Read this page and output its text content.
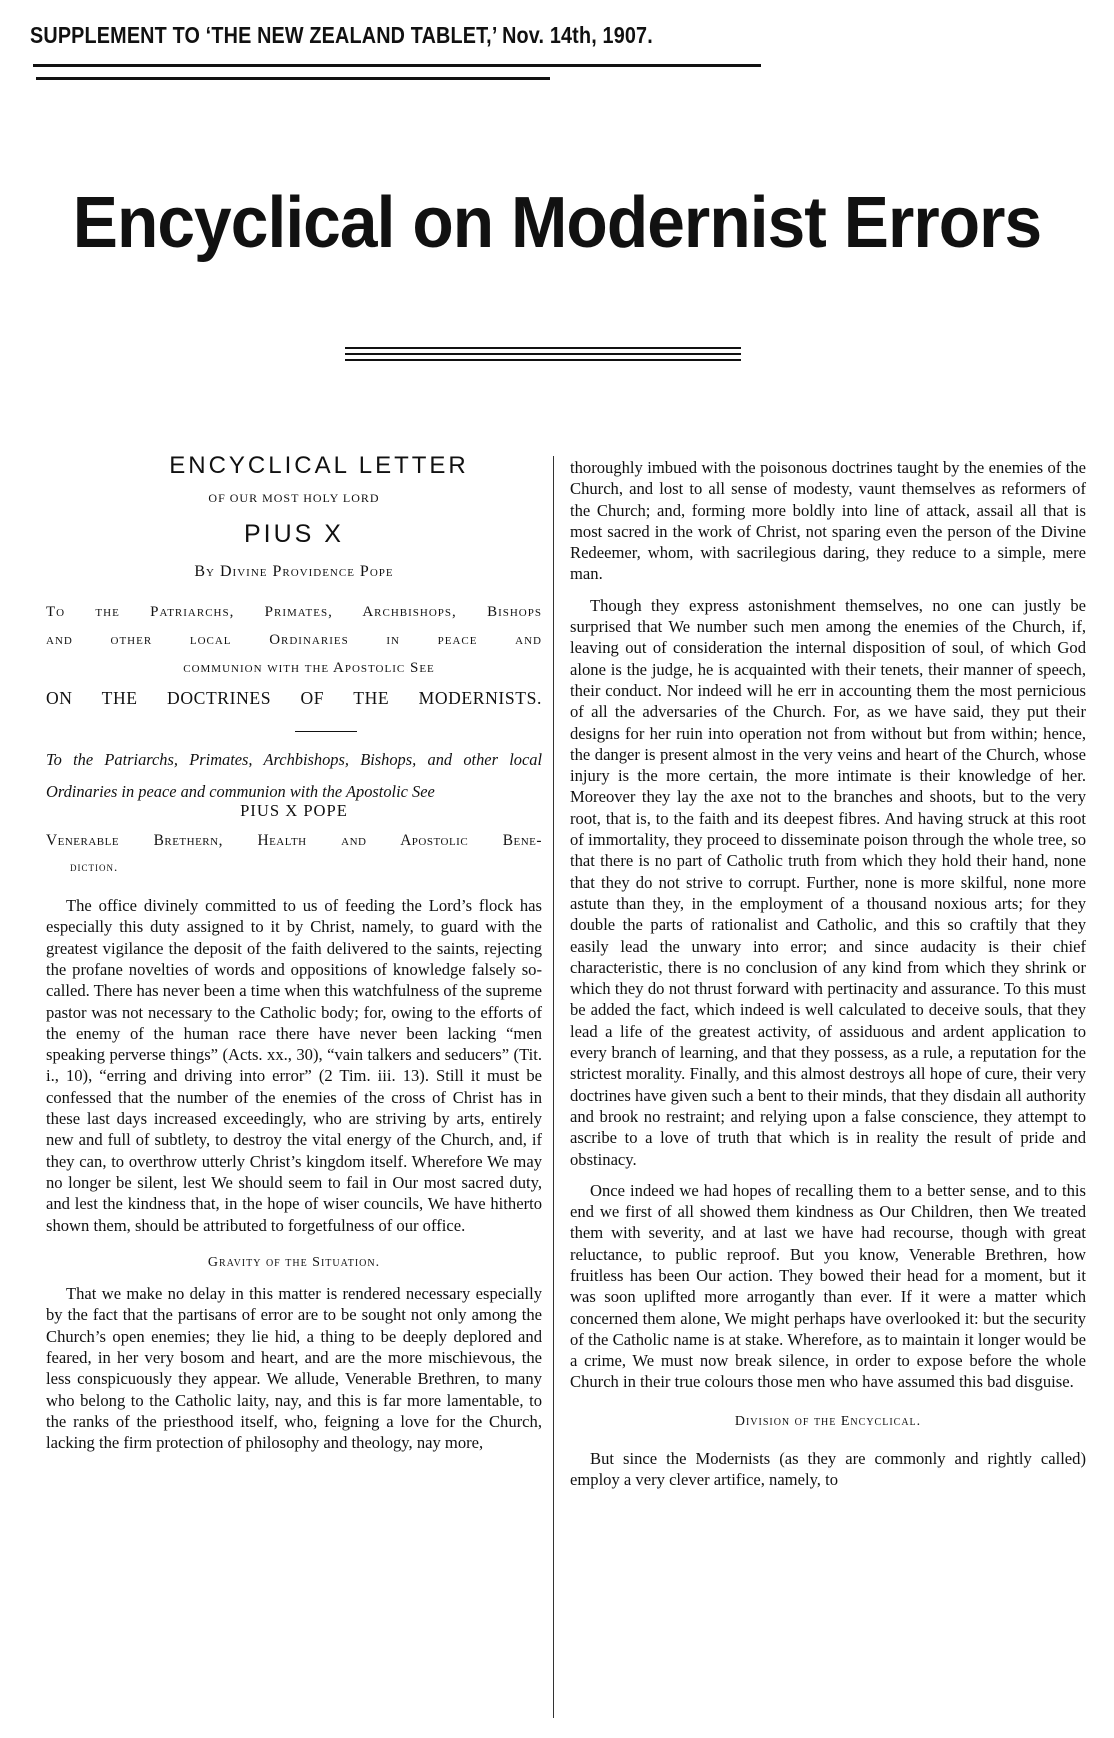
SUPPLEMENT TO ‘THE NEW ZEALAND TABLET,’ Nov. 14th, 1907.
Encyclical on Modernist Errors
ENCYCLICAL LETTER
OF OUR MOST HOLY LORD
PIUS X
By Divine Providence Pope
To the Patriarchs, Primates, Archbishops, Bishops
and other local Ordinaries in peace and
communion with the Apostolic See
ON THE DOCTRINES OF THE MODERNISTS.
To the Patriarchs, Primates, Archbishops, Bishops, and other local Ordinaries in peace and communion with the Apostolic See
PIUS X POPE
Venerable Brethern, Health and Apostolic Bene-
diction.

The office divinely committed to us of feeding the Lord’s flock has especially this duty assigned to it by Christ, namely, to guard with the greatest vigilance the deposit of the faith delivered to the saints, rejecting the profane novelties of words and oppositions of knowledge falsely so-called. There has never been a time when this watchfulness of the supreme pastor was not necessary to the Catholic body; for, owing to the efforts of the enemy of the human race there have never been lacking “men speaking perverse things” (Acts. xx., 30), “vain talkers and seducers” (Tit. i., 10), “erring and driving into error” (2 Tim. iii. 13). Still it must be confessed that the number of the enemies of the cross of Christ has in these last days increased exceedingly, who are striving by arts, entirely new and full of subtlety, to destroy the vital energy of the Church, and, if they can, to overthrow utterly Christ’s kingdom itself. Wherefore We may no longer be silent, lest We should seem to fail in Our most sacred duty, and lest the kindness that, in the hope of wiser councils, We have hitherto shown them, should be attributed to forgetfulness of our office.

Gravity of the Situation.

That we make no delay in this matter is rendered necessary especially by the fact that the partisans of error are to be sought not only among the Church’s open enemies; they lie hid, a thing to be deeply deplored and feared, in her very bosom and heart, and are the more mischievous, the less conspicuously they appear. We allude, Venerable Brethren, to many who belong to the Catholic laity, nay, and this is far more lamentable, to the ranks of the priesthood itself, who, feigning a love for the Church, lacking the firm protection of philosophy and theology, nay more,

thoroughly imbued with the poisonous doctrines taught by the enemies of the Church, and lost to all sense of modesty, vaunt themselves as reformers of the Church; and, forming more boldly into line of attack, assail all that is most sacred in the work of Christ, not sparing even the person of the Divine Redeemer, whom, with sacrilegious daring, they reduce to a simple, mere man.

Though they express astonishment themselves, no one can justly be surprised that We number such men among the enemies of the Church, if, leaving out of consideration the internal disposition of soul, of which God alone is the judge, he is acquainted with their tenets, their manner of speech, their conduct. Nor indeed will he err in accounting them the most pernicious of all the adversaries of the Church. For, as we have said, they put their designs for her ruin into operation not from without but from within; hence, the danger is present almost in the very veins and heart of the Church, whose injury is the more certain, the more intimate is their knowledge of her. Moreover they lay the axe not to the branches and shoots, but to the very root, that is, to the faith and its deepest fibres. And having struck at this root of immortality, they proceed to disseminate poison through the whole tree, so that there is no part of Catholic truth from which they hold their hand, none that they do not strive to corrupt. Further, none is more skilful, none more astute than they, in the employment of a thousand noxious arts; for they double the parts of rationalist and Catholic, and this so craftily that they easily lead the unwary into error; and since audacity is their chief characteristic, there is no conclusion of any kind from which they shrink or which they do not thrust forward with pertinacity and assurance. To this must be added the fact, which indeed is well calculated to deceive souls, that they lead a life of the greatest activity, of assiduous and ardent application to every branch of learning, and that they possess, as a rule, a reputation for the strictest morality. Finally, and this almost destroys all hope of cure, their very doctrines have given such a bent to their minds, that they disdain all authority and brook no restraint; and relying upon a false conscience, they attempt to ascribe to a love of truth that which is in reality the result of pride and obstinacy.

Once indeed we had hopes of recalling them to a better sense, and to this end we first of all showed them kindness as Our Children, then We treated them with severity, and at last we have had recourse, though with great reluctance, to public reproof. But you know, Venerable Brethren, how fruitless has been Our action. They bowed their head for a moment, but it was soon uplifted more arrogantly than ever. If it were a matter which concerned them alone, We might perhaps have overlooked it: but the security of the Catholic name is at stake. Wherefore, as to maintain it longer would be a crime, We must now break silence, in order to expose before the whole Church in their true colours those men who have assumed this bad disguise.

Division of the Encyclical.

But since the Modernists (as they are commonly and rightly called) employ a very clever artifice, namely, to
